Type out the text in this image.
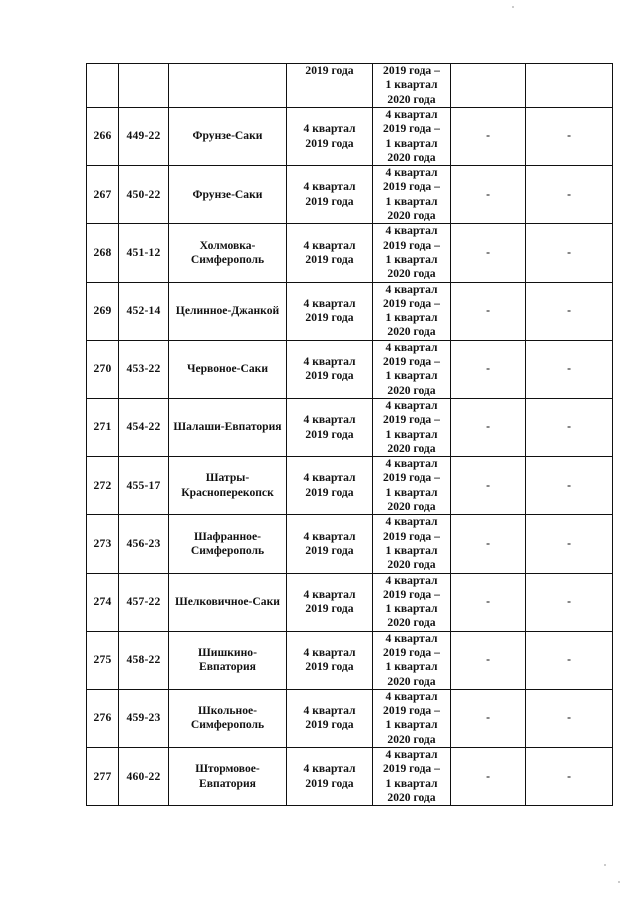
			2019 года	2019 года –
1 квартал
2020 года		
266	449-22	Фрунзе-Саки	4 квартал
2019 года	4 квартал
2019 года –
1 квартал
2020 года	-	-
267	450-22	Фрунзе-Саки	4 квартал
2019 года	4 квартал
2019 года –
1 квартал
2020 года	-	-
268	451-12	Холмовка-
Симферополь	4 квартал
2019 года	4 квартал
2019 года –
1 квартал
2020 года	-	-
269	452-14	Целинное-Джанкой	4 квартал
2019 года	4 квартал
2019 года –
1 квартал
2020 года	-	-
270	453-22	Червоное-Саки	4 квартал
2019 года	4 квартал
2019 года –
1 квартал
2020 года	-	-
271	454-22	Шалаши-Евпатория	4 квартал
2019 года	4 квартал
2019 года –
1 квартал
2020 года	-	-
272	455-17	Шатры-
Красноперекопск	4 квартал
2019 года	4 квартал
2019 года –
1 квартал
2020 года	-	-
273	456-23	Шафранное-
Симферополь	4 квартал
2019 года	4 квартал
2019 года –
1 квартал
2020 года	-	-
274	457-22	Шелковичное-Саки	4 квартал
2019 года	4 квартал
2019 года –
1 квартал
2020 года	-	-
275	458-22	Шишкино-
Евпатория	4 квартал
2019 года	4 квартал
2019 года –
1 квартал
2020 года	-	-
276	459-23	Школьное-
Симферополь	4 квартал
2019 года	4 квартал
2019 года –
1 квартал
2020 года	-	-
277	460-22	Штормовое-
Евпатория	4 квартал
2019 года	4 квартал
2019 года –
1 квартал
2020 года	-	-
